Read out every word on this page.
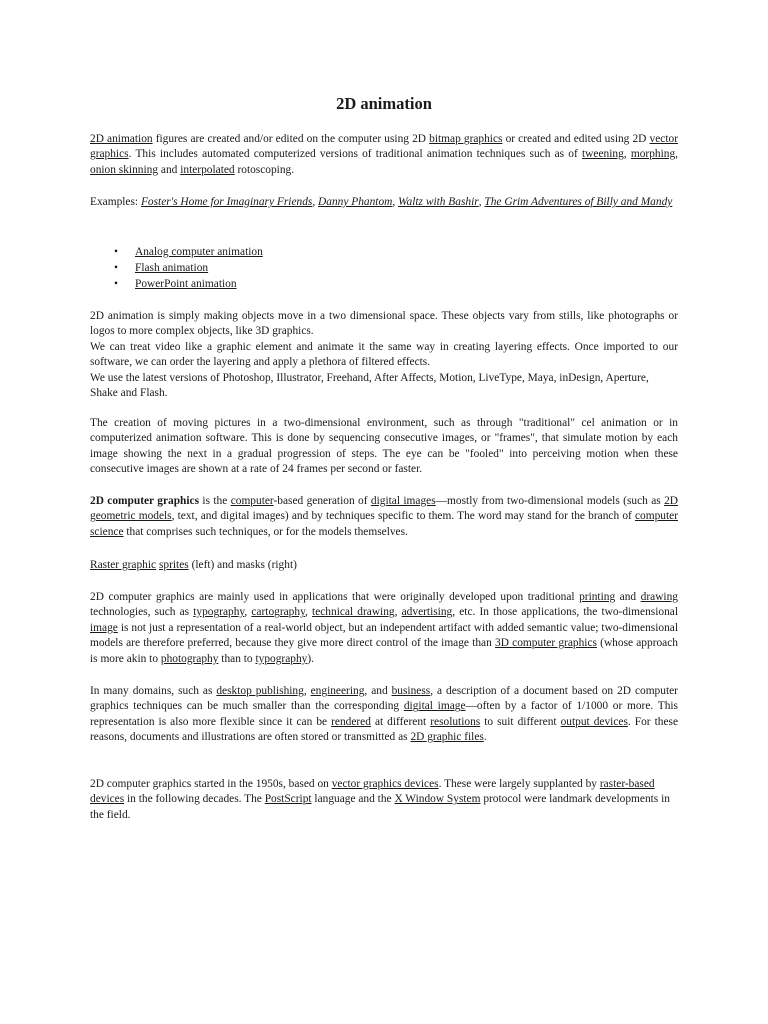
2D animation

2D animation figures are created and/or edited on the computer using 2D bitmap graphics or created and edited using 2D vector graphics. This includes automated computerized versions of traditional animation techniques such as of tweening, morphing, onion skinning and interpolated rotoscoping.

Examples: Foster's Home for Imaginary Friends, Danny Phantom, Waltz with Bashir, The Grim Adventures of Billy and Mandy

• Analog computer animation
• Flash animation
• PowerPoint animation
2D animation is simply making objects move in a two dimensional space. These objects vary from stills, like photographs or logos to more complex objects, like 3D graphics.
We can treat video like a graphic element and animate it the same way in creating layering effects. Once imported to our software, we can order the layering and apply a plethora of filtered effects.
We use the latest versions of Photoshop, Illustrator, Freehand, After Affects, Motion, LiveType, Maya, inDesign, Aperture, Shake and Flash.

The creation of moving pictures in a two-dimensional environment, such as through "traditional" cel animation or in computerized animation software. This is done by sequencing consecutive images, or "frames", that simulate motion by each image showing the next in a gradual progression of steps. The eye can be "fooled" into perceiving motion when these consecutive images are shown at a rate of 24 frames per second or faster.

2D computer graphics is the computer-based generation of digital images—mostly from two-dimensional models (such as 2D geometric models, text, and digital images) and by techniques specific to them. The word may stand for the branch of computer science that comprises such techniques, or for the models themselves.

Raster graphic sprites (left) and masks (right)

2D computer graphics are mainly used in applications that were originally developed upon traditional printing and drawing technologies, such as typography, cartography, technical drawing, advertising, etc. In those applications, the two-dimensional image is not just a representation of a real-world object, but an independent artifact with added semantic value; two-dimensional models are therefore preferred, because they give more direct control of the image than 3D computer graphics (whose approach is more akin to photography than to typography).

In many domains, such as desktop publishing, engineering, and business, a description of a document based on 2D computer graphics techniques can be much smaller than the corresponding digital image—often by a factor of 1/1000 or more. This representation is also more flexible since it can be rendered at different resolutions to suit different output devices. For these reasons, documents and illustrations are often stored or transmitted as 2D graphic files.

2D computer graphics started in the 1950s, based on vector graphics devices. These were largely supplanted by raster-based devices in the following decades. The PostScript language and the X Window System protocol were landmark developments in the field.
